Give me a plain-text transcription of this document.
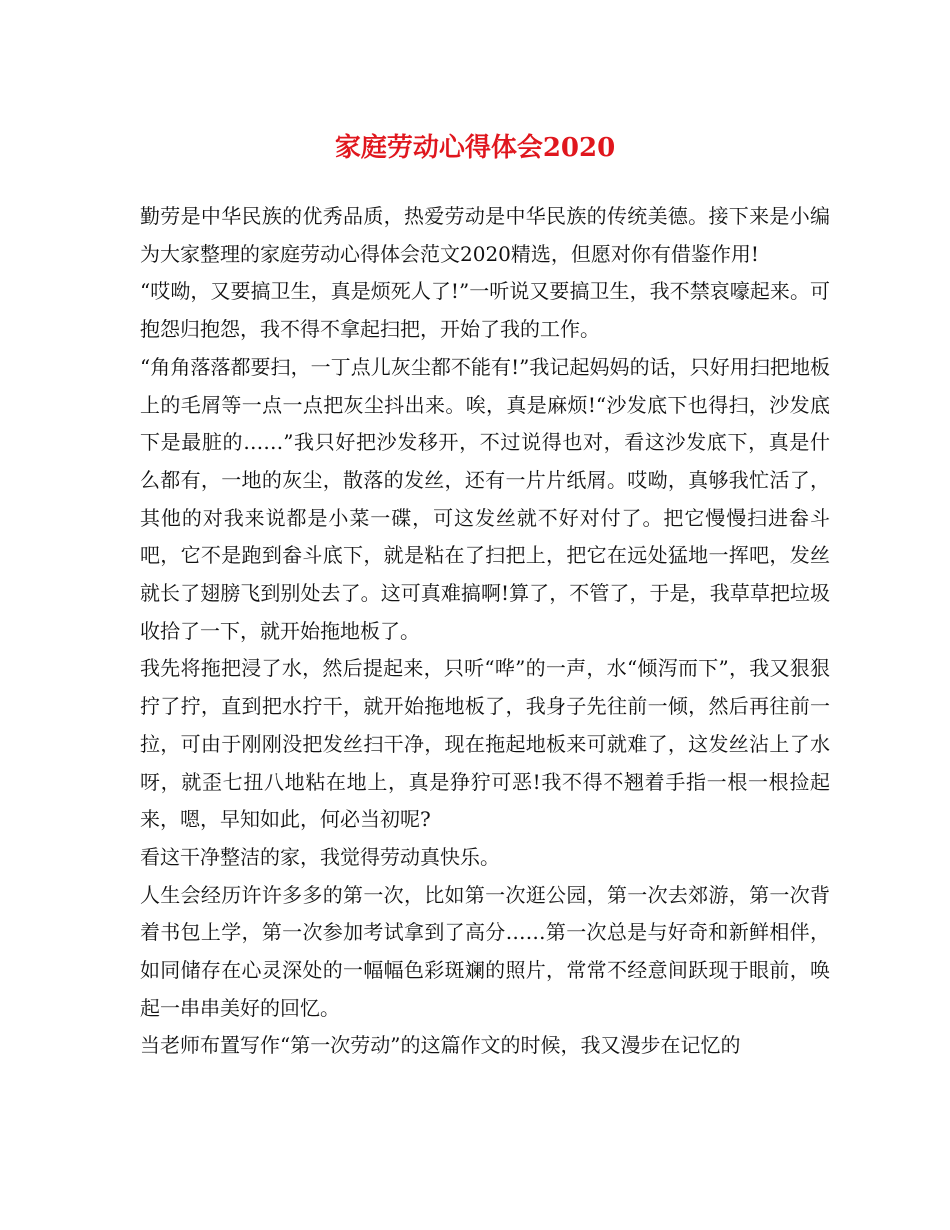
家庭劳动心得体会2020

勤劳是中华民族的优秀品质，热爱劳动是中华民族的传统美德。接下来是小编为大家整理的家庭劳动心得体会范文2020精选，但愿对你有借鉴作用!

“哎呦，又要搞卫生，真是烦死人了!”一听说又要搞卫生，我不禁哀嚎起来。可抱怨归抱怨，我不得不拿起扫把，开始了我的工作。

“角角落落都要扫，一丁点儿灰尘都不能有!”我记起妈妈的话，只好用扫把地板上的毛屑等一点一点把灰尘抖出来。唉，真是麻烦!“沙发底下也得扫，沙发底下是最脏的……”我只好把沙发移开，不过说得也对，看这沙发底下，真是什么都有，一地的灰尘，散落的发丝，还有一片片纸屑。哎呦，真够我忙活了，其他的对我来说都是小菜一碟，可这发丝就不好对付了。把它慢慢扫进畚斗吧，它不是跑到畚斗底下，就是粘在了扫把上，把它在远处猛地一挥吧，发丝就长了翅膀飞到别处去了。这可真难搞啊!算了，不管了，于是，我草草把垃圾收拾了一下，就开始拖地板了。

我先将拖把浸了水，然后提起来，只听“哗”的一声，水“倾泻而下”，我又狠狠拧了拧，直到把水拧干，就开始拖地板了，我身子先往前一倾，然后再往前一拉，可由于刚刚没把发丝扫干净，现在拖起地板来可就难了，这发丝沾上了水呀，就歪七扭八地粘在地上，真是狰狞可恶!我不得不翘着手指一根一根捡起来，嗯，早知如此，何必当初呢?

看这干净整洁的家，我觉得劳动真快乐。

人生会经历许许多多的第一次，比如第一次逛公园，第一次去郊游，第一次背着书包上学，第一次参加考试拿到了高分……第一次总是与好奇和新鲜相伴，如同储存在心灵深处的一幅幅色彩斑斓的照片，常常不经意间跃现于眼前，唤起一串串美好的回忆。

当老师布置写作“第一次劳动”的这篇作文的时候，我又漫步在记忆的
